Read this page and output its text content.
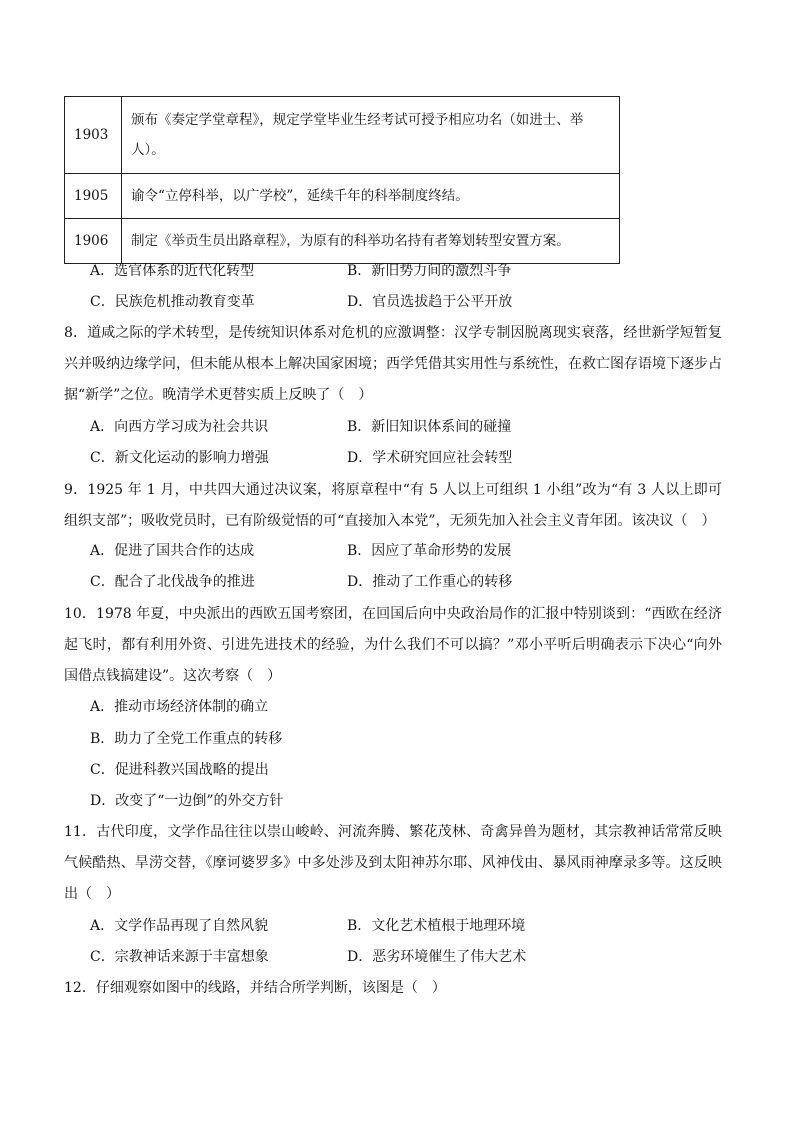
1903	颁布《奏定学堂章程》，规定学堂毕业生经考试可授予相应功名（如进士、举人）。
1905	谕令“立停科举，以广学校”，延续千年的科举制度终结。
1906	制定《举贡生员出路章程》，为原有的科举功名持有者筹划转型安置方案。
A．选官体系的近代化转型	B．新旧势力间的激烈斗争
C．民族危机推动教育变革	D．官员选拔趋于公平开放
8．道咸之际的学术转型，是传统知识体系对危机的应激调整：汉学专制因脱离现实衰落，经世新学短暂复兴并吸纳边缘学问，但未能从根本上解决国家困境；西学凭借其实用性与系统性，在救亡图存语境下逐步占据“新学”之位。晚清学术更替实质上反映了（　）
A．向西方学习成为社会共识	B．新旧知识体系间的碰撞
C．新文化运动的影响力增强	D．学术研究回应社会转型
9．1925 年 1 月，中共四大通过决议案，将原章程中“有 5 人以上可组织 1 小组”改为“有 3 人以上即可组织支部”；吸收党员时，已有阶级觉悟的可“直接加入本党”，无须先加入社会主义青年团。该决议（　）
A．促进了国共合作的达成	B．因应了革命形势的发展
C．配合了北伐战争的推进	D．推动了工作重心的转移
10．1978 年夏，中央派出的西欧五国考察团，在回国后向中央政治局作的汇报中特别谈到：“西欧在经济起飞时，都有利用外资、引进先进技术的经验，为什么我们不可以搞？”邓小平听后明确表示下决心“向外国借点钱搞建设”。这次考察（　）
A．推动市场经济体制的确立
B．助力了全党工作重点的转移
C．促进科教兴国战略的提出
D．改变了“一边倒”的外交方针
11．古代印度，文学作品往往以崇山峻岭、河流奔腾、繁花茂林、奇禽异兽为题材，其宗教神话常常反映气候酷热、旱涝交替，《摩诃婆罗多》中多处涉及到太阳神苏尔耶、风神伐由、暴风雨神摩录多等。这反映出（　）
A．文学作品再现了自然风貌	B．文化艺术植根于地理环境
C．宗教神话来源于丰富想象	D．恶劣环境催生了伟大艺术
12．仔细观察如图中的线路，并结合所学判断，该图是（　）
